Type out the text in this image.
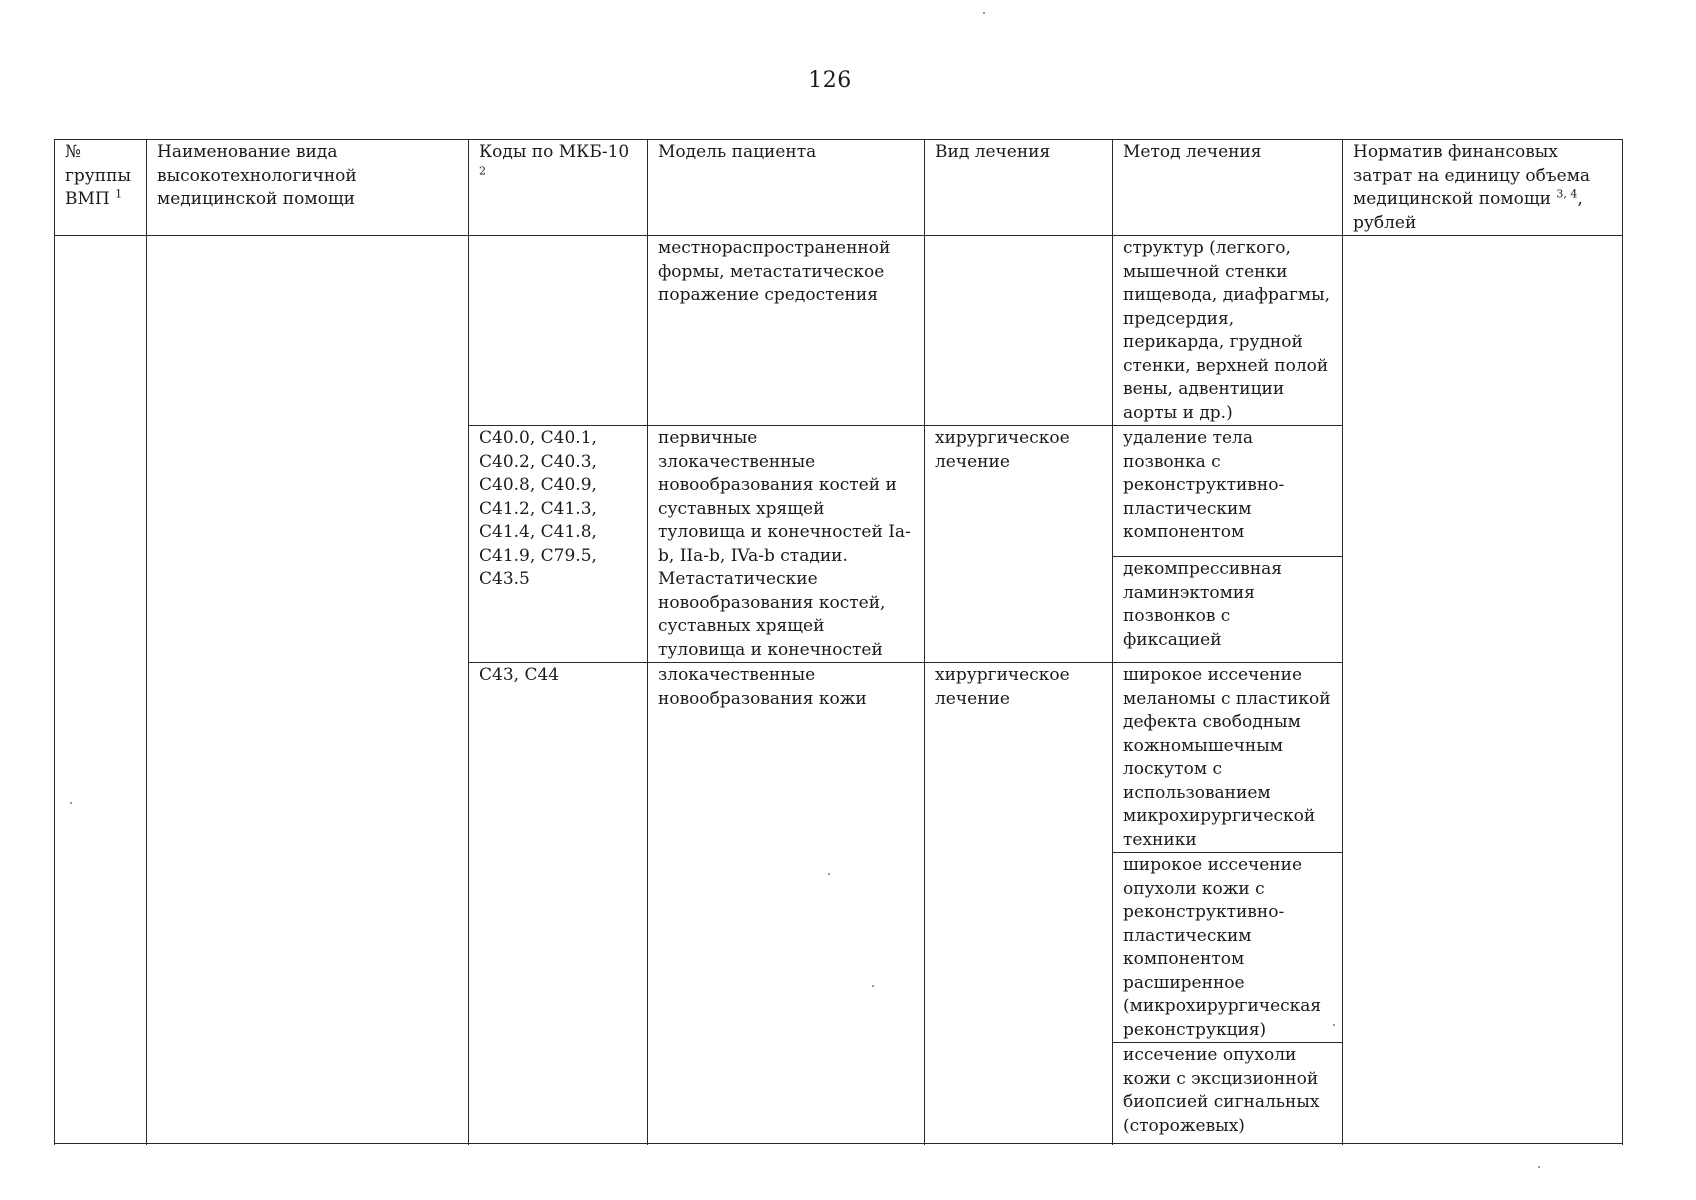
126
№ группы ВМП $^1$	Наименование вида высокотехнологичной медицинской помощи	Коды по МКБ-10 $^2$	Модель пациента	Вид лечения	Метод лечения	Норматив финансовых затрат на единицу объема медицинской помощи $^{3, 4}$, рублей
			местнораспространенной формы, метастатическое поражение средостения		структур (легкого, мышечной стенки пищевода, диафрагмы, предсердия, перикарда, грудной стенки, верхней полой вены, адвентиции аорты и др.)	
		C40.0, C40.1, C40.2, C40.3, C40.8, C40.9, C41.2, C41.3, C41.4, C41.8, C41.9, C79.5, C43.5	первичные злокачественные новообразования костей и суставных хрящей туловища и конечностей Ia-b, IIa-b, IVa-b стадии. Метастатические новообразования костей, суставных хрящей туловища и конечностей	хирургическое лечение	удаление тела позвонка с реконструктивно-пластическим компонентом	
					декомпрессивная ламинэктомия позвонков с фиксацией	
		C43, C44	злокачественные новообразования кожи	хирургическое лечение	широкое иссечение меланомы с пластикой дефекта свободным кожномышечным лоскутом с использованием микрохирургической техники	
					широкое иссечение опухоли кожи с реконструктивно-пластическим компонентом расширенное (микрохирургическая реконструкция)	
					иссечение опухоли кожи с эксцизионной биопсией сигнальных (сторожевых)	
